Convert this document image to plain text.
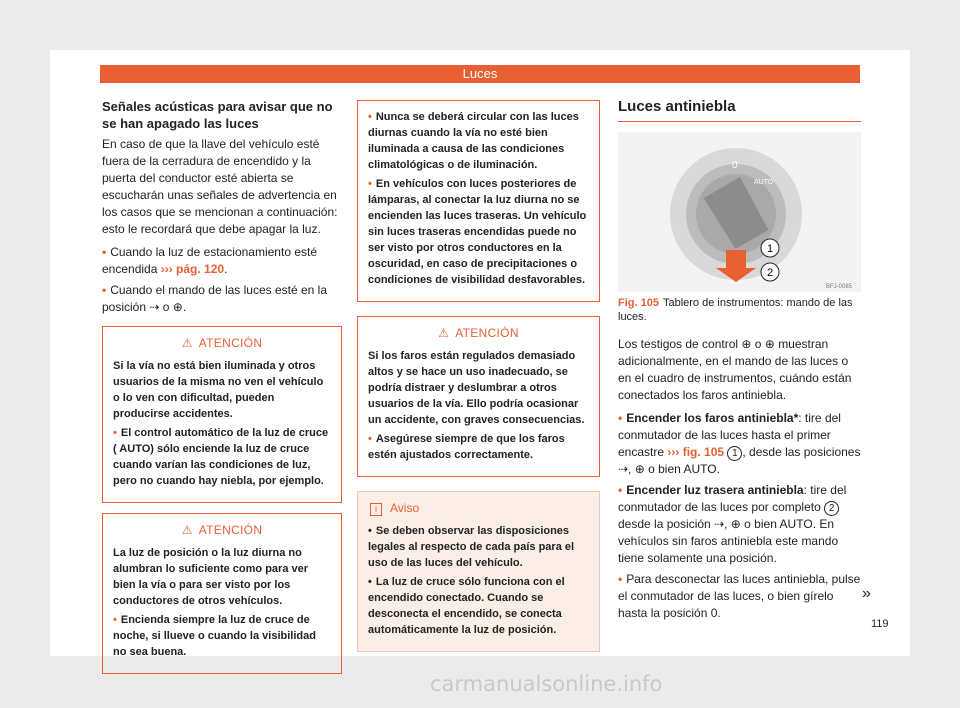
Luces
Señales acústicas para avisar que no se han apagado las luces

En caso de que la llave del vehículo esté fuera de la cerradura de encendido y la puerta del conductor esté abierta se escucharán unas señales de advertencia en los casos que se mencionan a continuación: esto le recordará que debe apagar la luz.

• Cuando la luz de estacionamiento esté encendida ››› pág. 120.

• Cuando el mando de las luces esté en la posición ⇢ o ⊕.

⚠ ATENCIÓN

Si la vía no está bien iluminada y otros usuarios de la misma no ven el vehículo o lo ven con dificultad, pueden producirse accidentes.

• El control automático de la luz de cruce ( AUTO) sólo enciende la luz de cruce cuando varían las condiciones de luz, pero no cuando hay niebla, por ejemplo.

⚠ ATENCIÓN

La luz de posición o la luz diurna no alumbran lo suficiente como para ver bien la vía o para ser visto por los conductores de otros vehículos.

• Encienda siempre la luz de cruce de noche, si llueve o cuando la visibilidad no sea buena.

• Nunca se deberá circular con las luces diurnas cuando la vía no esté bien iluminada a causa de las condiciones climatológicas o de iluminación.

• En vehículos con luces posteriores de lámparas, al conectar la luz diurna no se encienden las luces traseras. Un vehículo sin luces traseras encendidas puede no ser visto por otros conductores en la oscuridad, en caso de precipitaciones o condiciones de visibilidad desfavorables.

⚠ ATENCIÓN

Si los faros están regulados demasiado altos y se hace un uso inadecuado, se podría distraer y deslumbrar a otros usuarios de la vía. Ello podría ocasionar un accidente, con graves consecuencias.

• Asegúrese siempre de que los faros estén ajustados correctamente.

i Aviso

• Se deben observar las disposiciones legales al respecto de cada país para el uso de las luces del vehículo.

• La luz de cruce sólo funciona con el encendido conectado. Cuando se desconecta el encendido, se conecta automáticamente la luz de posición.

Luces antiniebla
0
AUTO
1
2
BFJ-0085
Fig. 105 Tablero de instrumentos: mando de las luces.

Los testigos de control ⊕ o ⊕ muestran adicionalmente, en el mando de las luces o en el cuadro de instrumentos, cuándo están conectados los faros antiniebla.

• Encender los faros antiniebla*: tire del conmutador de las luces hasta el primer encastre ››› fig. 105 1 , desde las posiciones ⇢, ⊕ o bien AUTO.

• Encender luz trasera antiniebla: tire del conmutador de las luces por completo 2 desde la posición ⇢, ⊕ o bien AUTO. En vehículos sin faros antiniebla este mando tiene solamente una posición.

• Para desconectar las luces antiniebla, pulse el conmutador de las luces, o bien gírelo hasta la posición 0.

»
119
carmanualsonline.info
